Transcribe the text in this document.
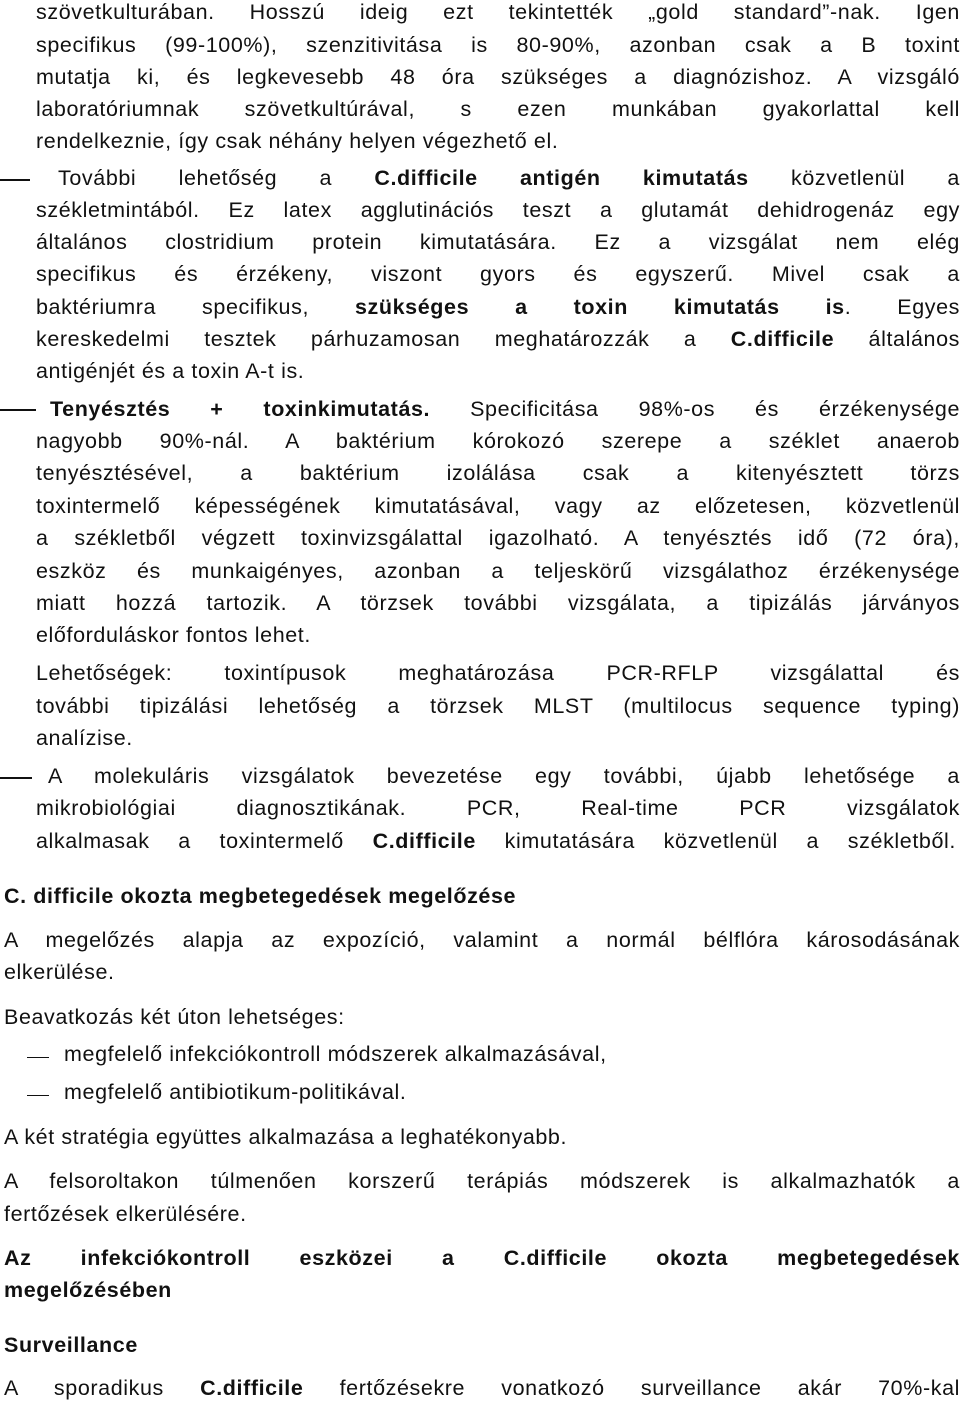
szövetkulturában. Hosszú ideig ezt tekintették „gold standard”-nak. Igen
specifikus (99-100%), szenzitivitása is 80-90%, azonban csak a B toxint
mutatja ki, és legkevesebb 48 óra szükséges a diagnózishoz. A vizsgáló
laboratóriumnak szövetkultúrával, s ezen munkában gyakorlattal kell
rendelkeznie, így csak néhány helyen végezhető el.
További lehetőség a C.difficile antigén kimutatás közvetlenül a
székletmintából. Ez latex agglutinációs teszt a glutamát dehidrogenáz egy
általános clostridium protein kimutatására. Ez a vizsgálat nem elég
specifikus és érzékeny, viszont gyors és egyszerű. Mivel csak a
baktériumra specifikus, szükséges a toxin kimutatás is. Egyes
kereskedelmi tesztek párhuzamosan meghatározzák a C.difficile általános
antigénjét és a toxin A-t is.
Tenyésztés + toxinkimutatás. Specificitása 98%-os és érzékenysége
nagyobb 90%-nál. A baktérium kórokozó szerepe a széklet anaerob
tenyésztésével, a baktérium izolálása csak a kitenyésztett törzs
toxintermelő képességének kimutatásával, vagy az előzetesen, közvetlenül
a székletből végzett toxinvizsgálattal igazolható. A tenyésztés idő (72 óra),
eszköz és munkaigényes, azonban a teljeskörű vizsgálathoz érzékenysége
miatt hozzá tartozik. A törzsek további vizsgálata, a tipizálás járványos
előforduláskor fontos lehet.
Lehetőségek: toxintípusok meghatározása PCR-RFLP vizsgálattal és
további tipizálási lehetőség a törzsek MLST (multilocus sequence typing)
analízise.
A molekuláris vizsgálatok bevezetése egy további, újabb lehetősége a
mikrobiológiai diagnosztikának. PCR, Real-time PCR vizsgálatok
alkalmasak a toxintermelő C.difficile kimutatására közvetlenül a székletből.
C. difficile okozta megbetegedések megelőzése
A megelőzés alapja az expozíció, valamint a normál bélflóra károsodásának
elkerülése.
Beavatkozás két úton lehetséges:
megfelelő infekciókontroll módszerek alkalmazásával,
megfelelő antibiotikum-politikával.
A két stratégia együttes alkalmazása a leghatékonyabb.
A felsoroltakon túlmenően korszerű terápiás módszerek is alkalmazhatók a
fertőzések elkerülésére.
Az infekciókontroll eszközei a C.difficile okozta megbetegedések
megelőzésében
Surveillance
A sporadikus C.difficile fertőzésekre vonatkozó surveillance akár 70%-kal
